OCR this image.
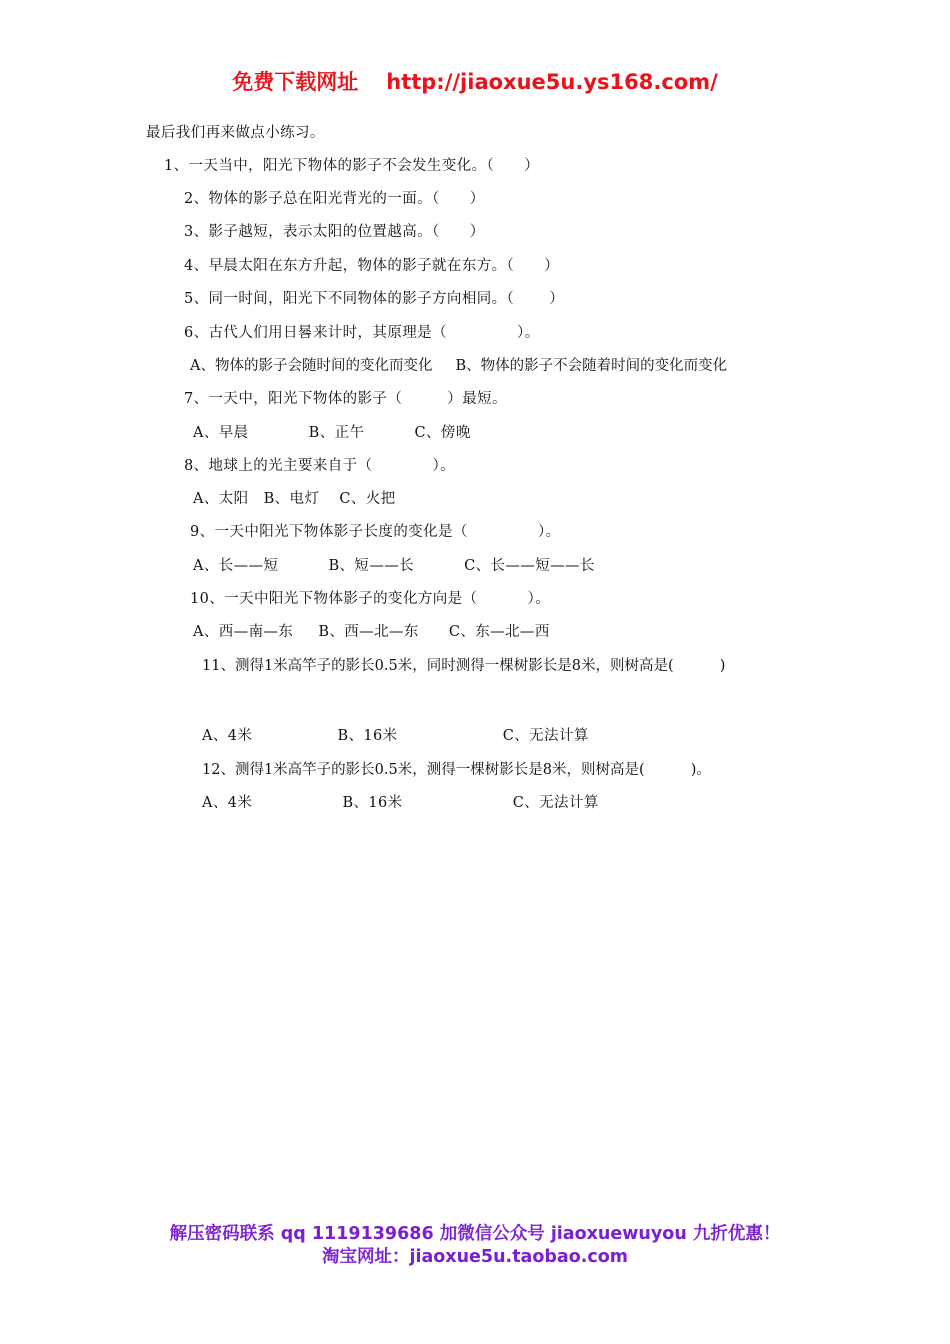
免费下载网址 http://jiaoxue5u.ys168.com/
最后我们再来做点小练习。
1、一天当中，阳光下物体的影子不会发生变化。（      ）
2、物体的影子总在阳光背光的一面。（      ）
3、影子越短，表示太阳的位置越高。（      ）
4、早晨太阳在东方升起，物体的影子就在东方。（      ）
5、同一时间，阳光下不同物体的影子方向相同。（       ）
6、古代人们用日晷来计时，其原理是（              ）。
A、物体的影子会随时间的变化而变化     B、物体的影子不会随着时间的变化而变化
7、一天中，阳光下物体的影子（         ）最短。
A、早晨            B、正午          C、傍晚
8、地球上的光主要来自于（            ）。
A、太阳   B、电灯    C、火把
9、一天中阳光下物体影子长度的变化是（              ）。
A、长——短          B、短——长          C、长——短——长
10、一天中阳光下物体影子的变化方向是（          ）。
A、西—南—东     B、西—北—东      C、东—北—西
11、测得1米高竿子的影长0.5米，同时测得一棵树影长是8米，则树高是(          )
A、4米                 B、16米                     C、无法计算
12、测得1米高竿子的影长0.5米，测得一棵树影长是8米，则树高是(          )。
A、4米                  B、16米                      C、无法计算
解压密码联系 qq 1119139686 加微信公众号 jiaoxuewuyou 九折优惠！
淘宝网址：jiaoxue5u.taobao.com
